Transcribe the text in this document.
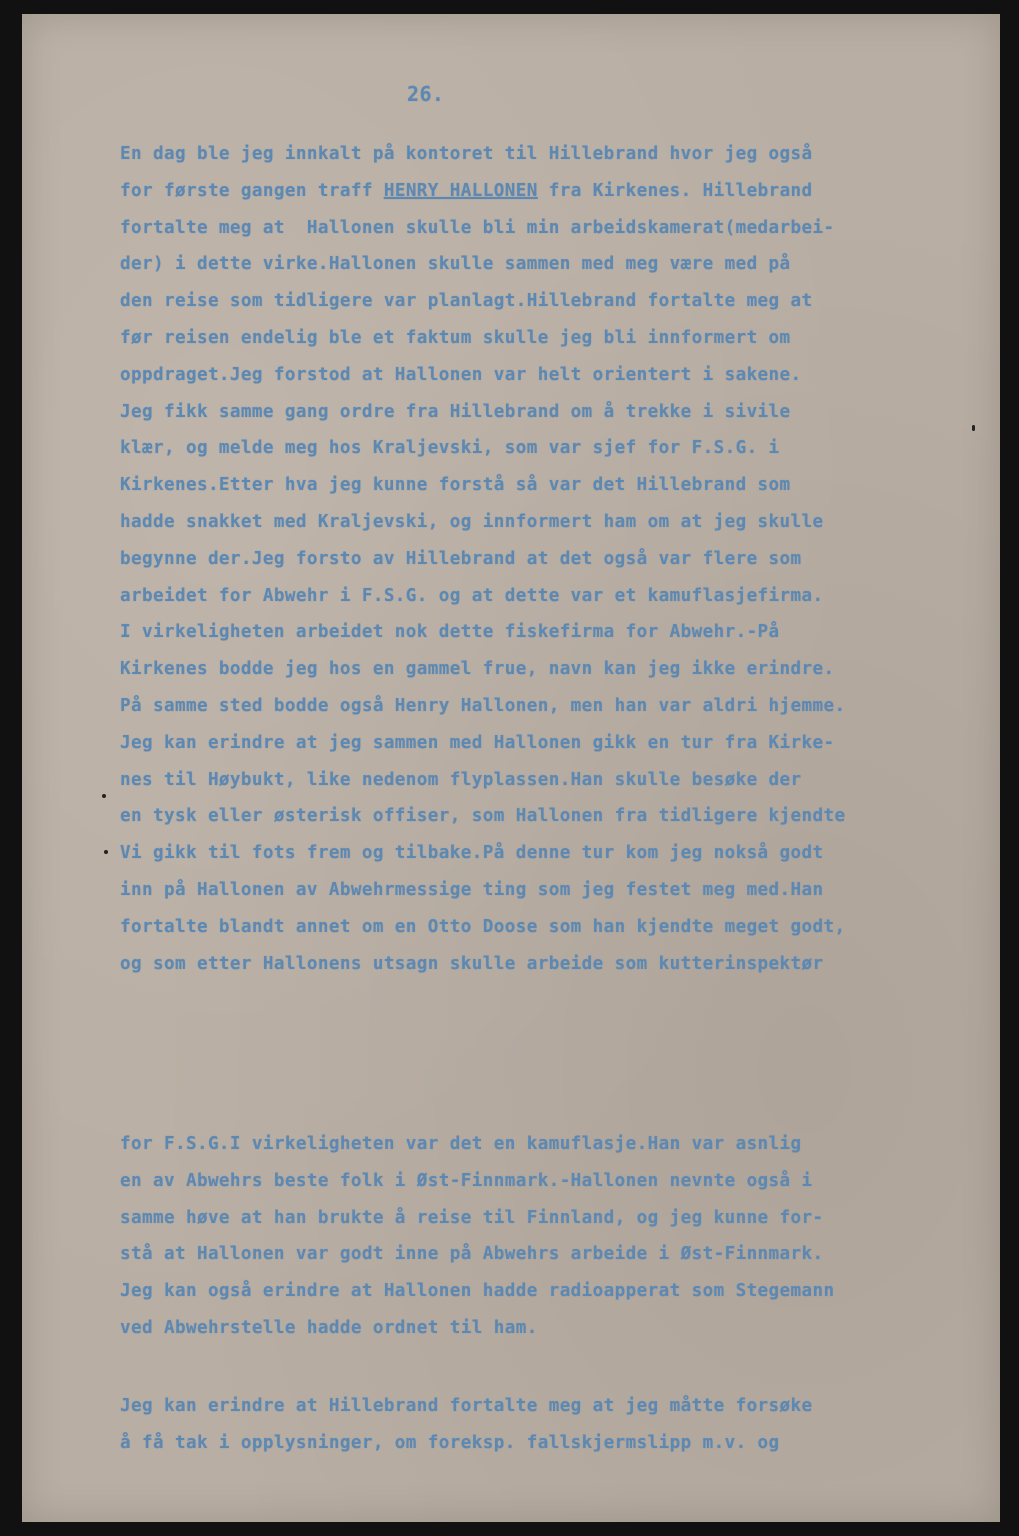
26.
En dag ble jeg innkalt på kontoret til Hillebrand hvor jeg også
for første gangen traff HENRY HALLONEN fra Kirkenes. Hillebrand
fortalte meg at  Hallonen skulle bli min arbeidskamerat(medarbei-
der) i dette virke.Hallonen skulle sammen med meg være med på
den reise som tidligere var planlagt.Hillebrand fortalte meg at
før reisen endelig ble et faktum skulle jeg bli innformert om
oppdraget.Jeg forstod at Hallonen var helt orientert i sakene.
Jeg fikk samme gang ordre fra Hillebrand om å trekke i sivile
klær, og melde meg hos Kraljevski, som var sjef for F.S.G. i
Kirkenes.Etter hva jeg kunne forstå så var det Hillebrand som
hadde snakket med Kraljevski, og innformert ham om at jeg skulle
begynne der.Jeg forsto av Hillebrand at det også var flere som
arbeidet for Abwehr i F.S.G. og at dette var et kamuflasjefirma.
I virkeligheten arbeidet nok dette fiskefirma for Abwehr.-På
Kirkenes bodde jeg hos en gammel frue, navn kan jeg ikke erindre.
På samme sted bodde også Henry Hallonen, men han var aldri hjemme.
Jeg kan erindre at jeg sammen med Hallonen gikk en tur fra Kirke-
nes til Høybukt, like nedenom flyplassen.Han skulle besøke der
en tysk eller østerisk offiser, som Hallonen fra tidligere kjendte
Vi gikk til fots frem og tilbake.På denne tur kom jeg nokså godt
inn på Hallonen av Abwehrmessige ting som jeg festet meg med.Han
fortalte blandt annet om en Otto Doose som han kjendte meget godt,
og som etter Hallonens utsagn skulle arbeide som kutterinspektør
for F.S.G.I virkeligheten var det en kamuflasje.Han var asnlig
en av Abwehrs beste folk i Øst-Finnmark.-Hallonen nevnte også i
samme høve at han brukte å reise til Finnland, og jeg kunne for-
stå at Hallonen var godt inne på Abwehrs arbeide i Øst-Finnmark.
Jeg kan også erindre at Hallonen hadde radioapperat som Stegemann
ved Abwehrstelle hadde ordnet til ham.
Jeg kan erindre at Hillebrand fortalte meg at jeg måtte forsøke
å få tak i opplysninger, om foreksp. fallskjermslipp m.v. og
